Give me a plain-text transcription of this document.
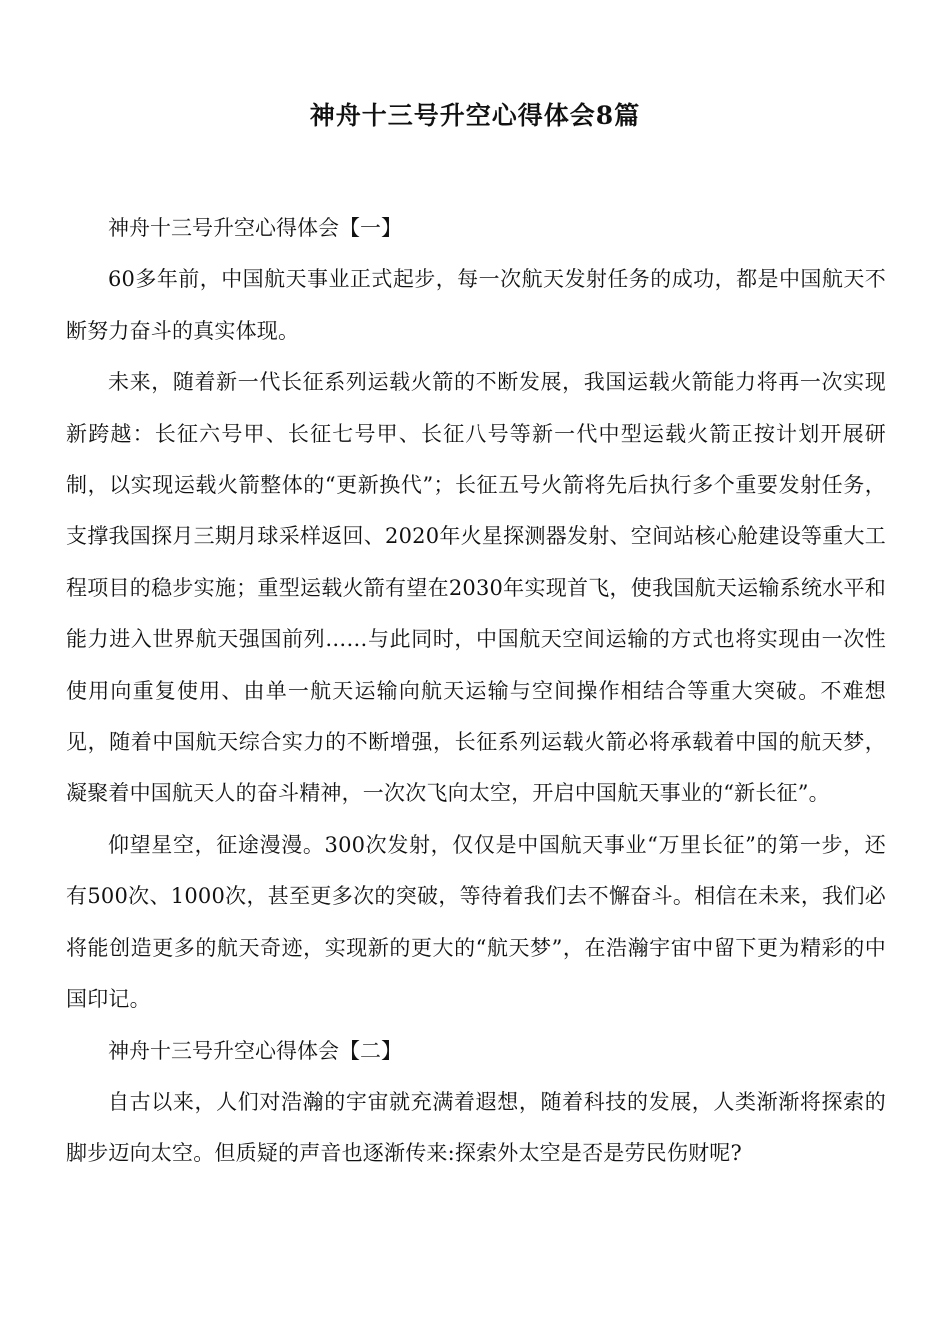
神舟十三号升空心得体会8篇

神舟十三号升空心得体会【一】

60多年前，中国航天事业正式起步，每一次航天发射任务的成功，都是中国航天不断努力奋斗的真实体现。

未来，随着新一代长征系列运载火箭的不断发展，我国运载火箭能力将再一次实现新跨越：长征六号甲、长征七号甲、长征八号等新一代中型运载火箭正按计划开展研制，以实现运载火箭整体的“更新换代”；长征五号火箭将先后执行多个重要发射任务，支撑我国探月三期月球采样返回、2020年火星探测器发射、空间站核心舱建设等重大工程项目的稳步实施；重型运载火箭有望在2030年实现首飞，使我国航天运输系统水平和能力进入世界航天强国前列……与此同时，中国航天空间运输的方式也将实现由一次性使用向重复使用、由单一航天运输向航天运输与空间操作相结合等重大突破。不难想见，随着中国航天综合实力的不断增强，长征系列运载火箭必将承载着中国的航天梦，凝聚着中国航天人的奋斗精神，一次次飞向太空，开启中国航天事业的“新长征”。

仰望星空，征途漫漫。300次发射，仅仅是中国航天事业“万里长征”的第一步，还有500次、1000次，甚至更多次的突破，等待着我们去不懈奋斗。相信在未来，我们必将能创造更多的航天奇迹，实现新的更大的“航天梦”，在浩瀚宇宙中留下更为精彩的中国印记。

神舟十三号升空心得体会【二】

自古以来，人们对浩瀚的宇宙就充满着遐想，随着科技的发展，人类渐渐将探索的脚步迈向太空。但质疑的声音也逐渐传来:探索外太空是否是劳民伤财呢?
